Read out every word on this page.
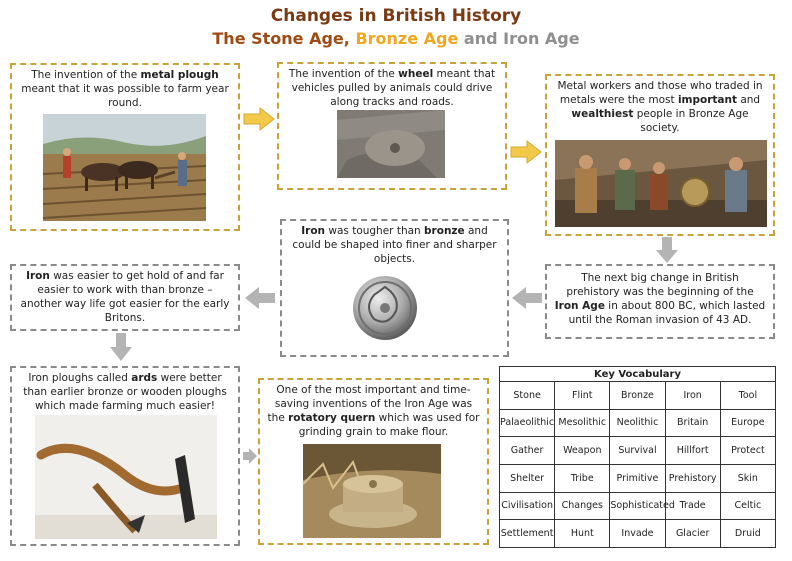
Changes in British History
The Stone Age, Bronze Age and Iron Age
The invention of the metal plough meant that it was possible to farm year round.
The invention of the wheel meant that vehicles pulled by animals could drive along tracks and roads.
Metal workers and those who traded in metals were the most important and wealthiest people in Bronze Age society.
The next big change in British prehistory was the beginning of the Iron Age in about 800 BC, which lasted until the Roman invasion of 43 AD.
Iron was tougher than bronze and could be shaped into finer and sharper objects.
Iron was easier to get hold of and far easier to work with than bronze – another way life got easier for the early Britons.
Iron ploughs called ards were better than earlier bronze or wooden ploughs which made farming much easier!
One of the most important and time-saving inventions of the Iron Age was the rotatory quern which was used for grinding grain to make flour.
Key Vocabulary				
Stone	Flint	Bronze	Iron	Tool
Palaeolithic	Mesolithic	Neolithic	Britain	Europe
Gather	Weapon	Survival	Hillfort	Protect
Shelter	Tribe	Primitive	Prehistory	Skin
Civilisation	Changes	Sophisticated	Trade	Celtic
Settlement	Hunt	Invade	Glacier	Druid
